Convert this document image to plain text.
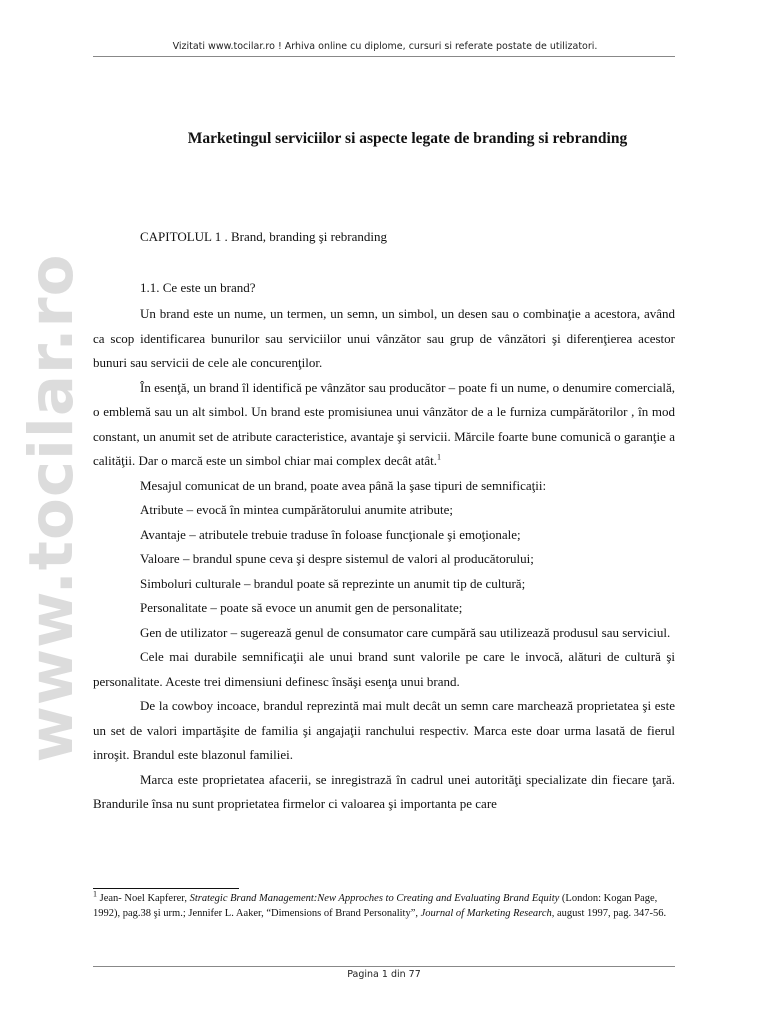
Vizitati www.tocilar.ro ! Arhiva online cu diplome, cursuri si referate postate de utilizatori.
www.tocilar.ro
Marketingul serviciilor si aspecte legate de branding si rebranding
CAPITOLUL 1 . Brand, branding şi rebranding
1.1. Ce este un brand?

Un brand este un nume, un termen, un semn, un simbol, un desen sau o combinaţie a acestora, având ca scop identificarea bunurilor sau serviciilor unui vânzător sau grup de vânzători şi diferenţierea acestor bunuri sau servicii de cele ale concurenţilor.

În esenţă, un brand îl identifică pe vânzător sau producător – poate fi un nume, o denumire comercială, o emblemă sau un alt simbol. Un brand este promisiunea unui vânzător de a le furniza cumpărătorilor , în mod constant, un anumit set de atribute caracteristice, avantaje şi servicii. Mărcile foarte bune comunică o garanţie a calităţii. Dar o marcă este un simbol chiar mai complex decât atât.$^1$

Mesajul comunicat de un brand, poate avea până la şase tipuri de semnificaţii:

Atribute – evocă în mintea cumpărătorului anumite atribute;

Avantaje – atributele trebuie traduse în foloase funcţionale şi emoţionale;

Valoare – brandul spune ceva şi despre sistemul de valori al producătorului;

Simboluri culturale – brandul poate să reprezinte un anumit tip de cultură;

Personalitate – poate să evoce un anumit gen de personalitate;

Gen de utilizator – sugerează genul de consumator care cumpără sau utilizează produsul sau serviciul.

Cele mai durabile semnificaţii ale unui brand sunt valorile pe care le invocă, alături de cultură şi personalitate. Aceste trei dimensiuni definesc însăşi esenţa unui brand.

De la cowboy incoace, brandul reprezintă mai mult decât un semn care marchează proprietatea şi este un set de valori impartăşite de familia şi angajaţii ranchului respectiv. Marca este doar urma lasată de fierul inroşit. Brandul este blazonul familiei.

Marca este proprietatea afacerii, se inregistrază în cadrul unei autorităţi specializate din fiecare ţară. Brandurile însa nu sunt proprietatea firmelor ci valoarea şi importanta pe care

$^1$ Jean- Noel Kapferer, Strategic Brand Management:New Approches to Creating and Evaluating Brand Equity (London: Kogan Page, 1992), pag.38 şi urm.; Jennifer L. Aaker, “Dimensions of Brand Personality”, Journal of Marketing Research, august 1997, pag. 347-56.
Pagina 1 din 77
